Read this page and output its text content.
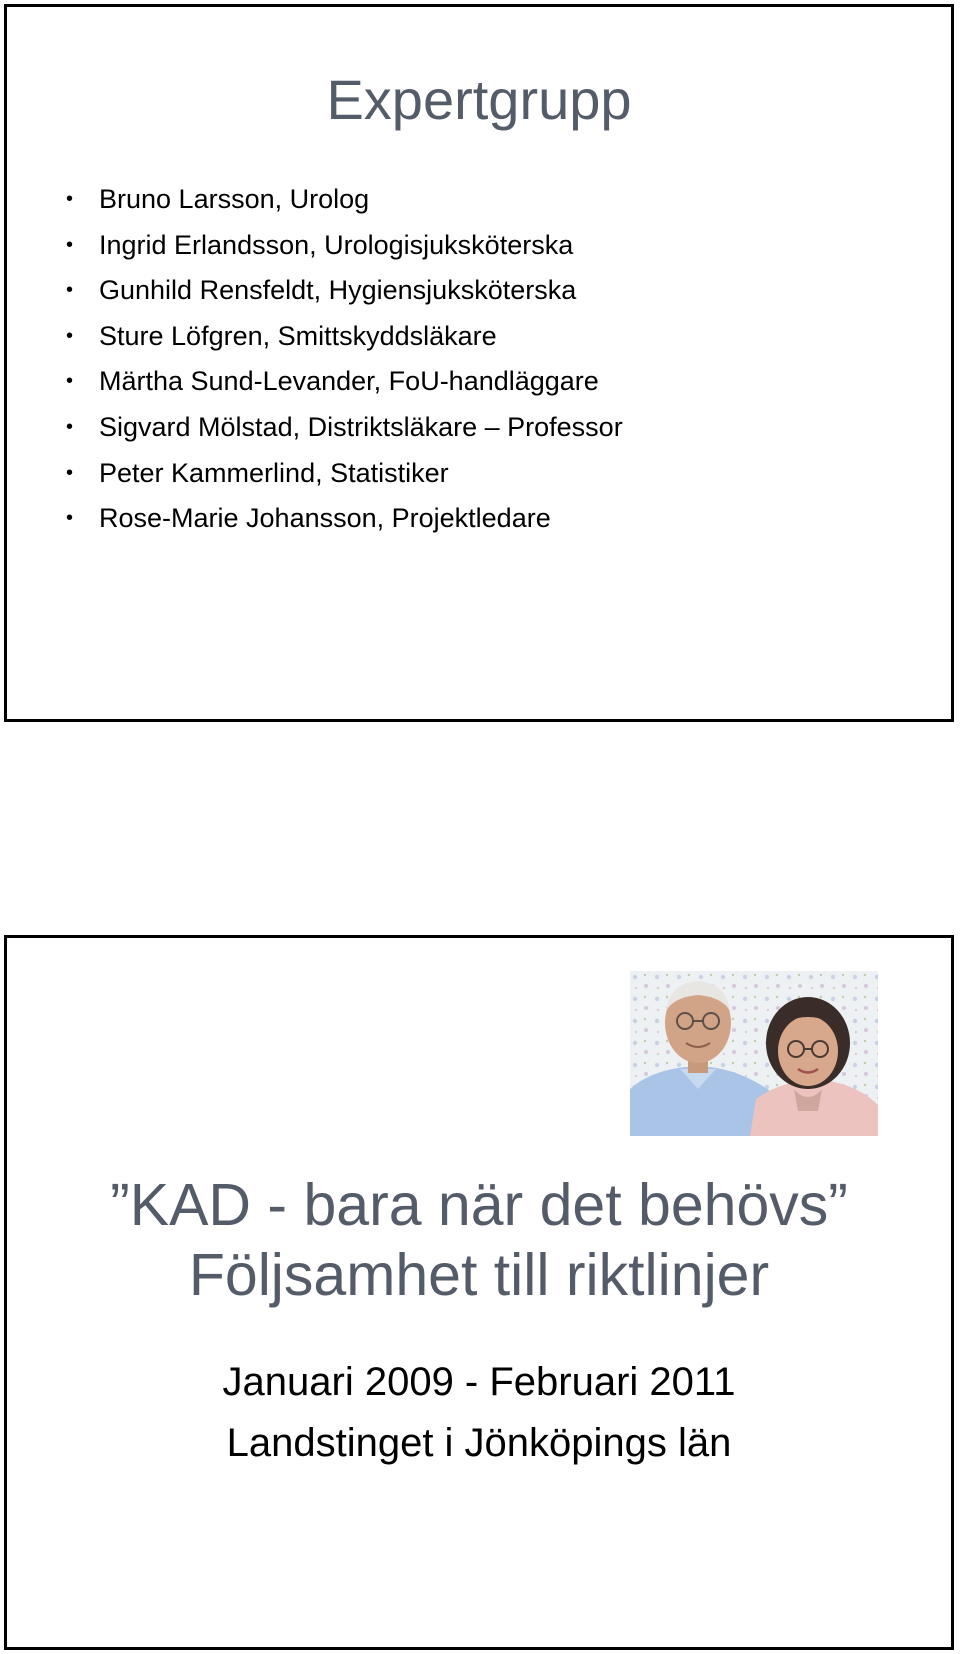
Expertgrupp
• Bruno Larsson, Urolog
• Ingrid Erlandsson, Urologisjuksköterska
• Gunhild Rensfeldt, Hygiensjuksköterska
• Sture Löfgren, Smittskyddsläkare
• Märtha Sund-Levander, FoU-handläggare
• Sigvard Mölstad, Distriktsläkare – Professor
• Peter Kammerlind, Statistiker
• Rose-Marie Johansson, Projektledare
”KAD - bara när det behövs”
Följsamhet till riktlinjer
Januari 2009 - Februari 2011
Landstinget i Jönköpings län
